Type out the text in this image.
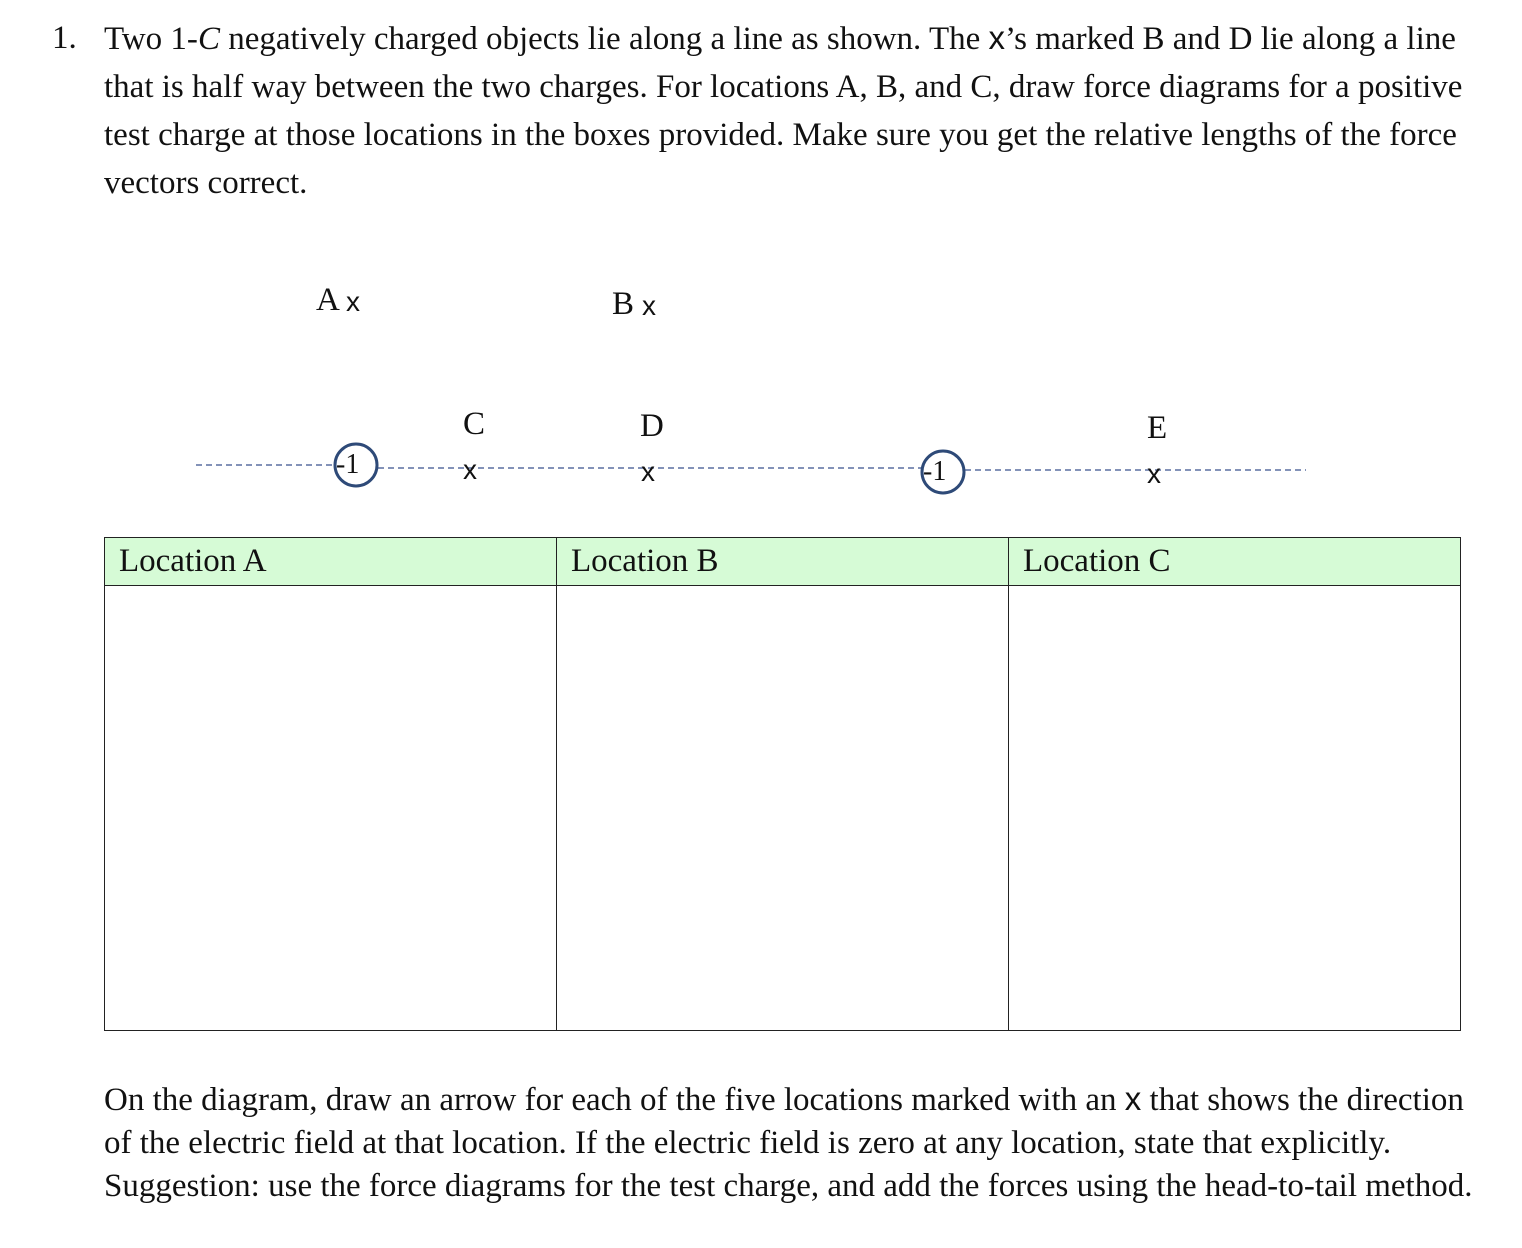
1. Two 1-C negatively charged objects lie along a line as shown. The x’s marked B and D lie along a line that is half way between the two charges. For locations A, B, and C, draw force diagrams for a positive test charge at those locations in the boxes provided. Make sure you get the relative lengths of the force vectors correct.
-1	-1
A x	B x
C
x
D
x
E
x
Location A	Location B	Location C

On the diagram, draw an arrow for each of the five locations marked with an x that shows the direction of the electric field at that location. If the electric field is zero at any location, state that explicitly. Suggestion: use the force diagrams for the test charge, and add the forces using the head-to-tail method.
